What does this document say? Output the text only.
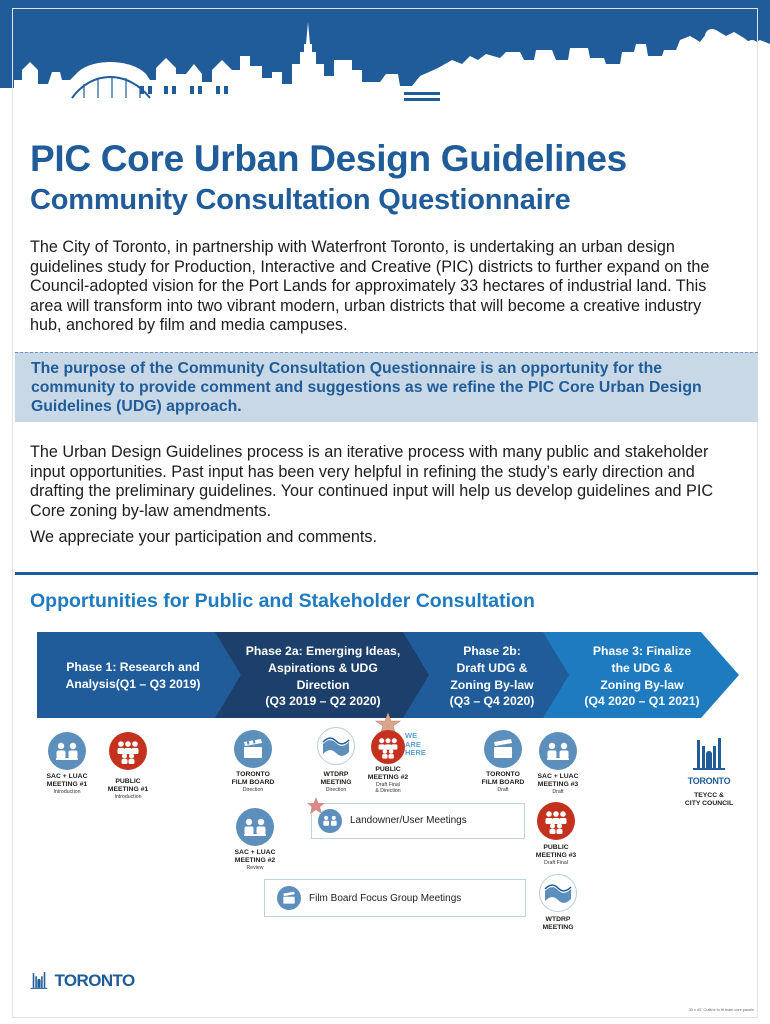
PIC Core Urban Design Guidelines
Community Consultation Questionnaire

The City of Toronto, in partnership with Waterfront Toronto, is undertaking an urban design guidelines study for Production, Interactive and Creative (PIC) districts to further expand on the Council-adopted vision for the Port Lands for approximately 33 hectares of industrial land. This area will transform into two vibrant modern, urban districts that will become a creative industry hub, anchored by film and media campuses.

The purpose of the Community Consultation Questionnaire is an opportunity for the community to provide comment and suggestions as we refine the PIC Core Urban Design Guidelines (UDG) approach.

The Urban Design Guidelines process is an iterative process with many public and stakeholder input opportunities. Past input has been very helpful in refining the study’s early direction and drafting the preliminary guidelines. Your continued input will help us develop guidelines and PIC Core zoning by-law amendments.

We appreciate your participation and comments.

Opportunities for Public and Stakeholder Consultation
Phase 1: Research and
Analysis(Q1 – Q3 2019)
Phase 2a: Emerging Ideas,
Aspirations & UDG
Direction
(Q3 2019 – Q2 2020)
Phase 2b:
Draft UDG &
Zoning By-law
(Q3 – Q4 2020)
Phase 3: Finalize
the UDG &
Zoning By-law
(Q4 2020 – Q1 2021)
SAC + LUAC
MEETING #1
Introduction
PUBLIC
MEETING #1
Introduction
TORONTO
FILM BOARD
Direction
WTDRP
MEETING
Direction
PUBLIC
MEETING #2
Draft Final
& Direction
WE ARE HERE
TORONTO
FILM BOARD
Draft
SAC + LUAC
MEETING #3
Draft
TORONTO
TEYCC &
CITY COUNCIL
Landowner/User Meetings
SAC + LUAC
MEETING #2
Review
PUBLIC
MEETING #3
Draft Final
Film Board Focus Group Meetings
WTDRP
MEETING
TORONTO
30 x 40" Outline to fit team core panels
